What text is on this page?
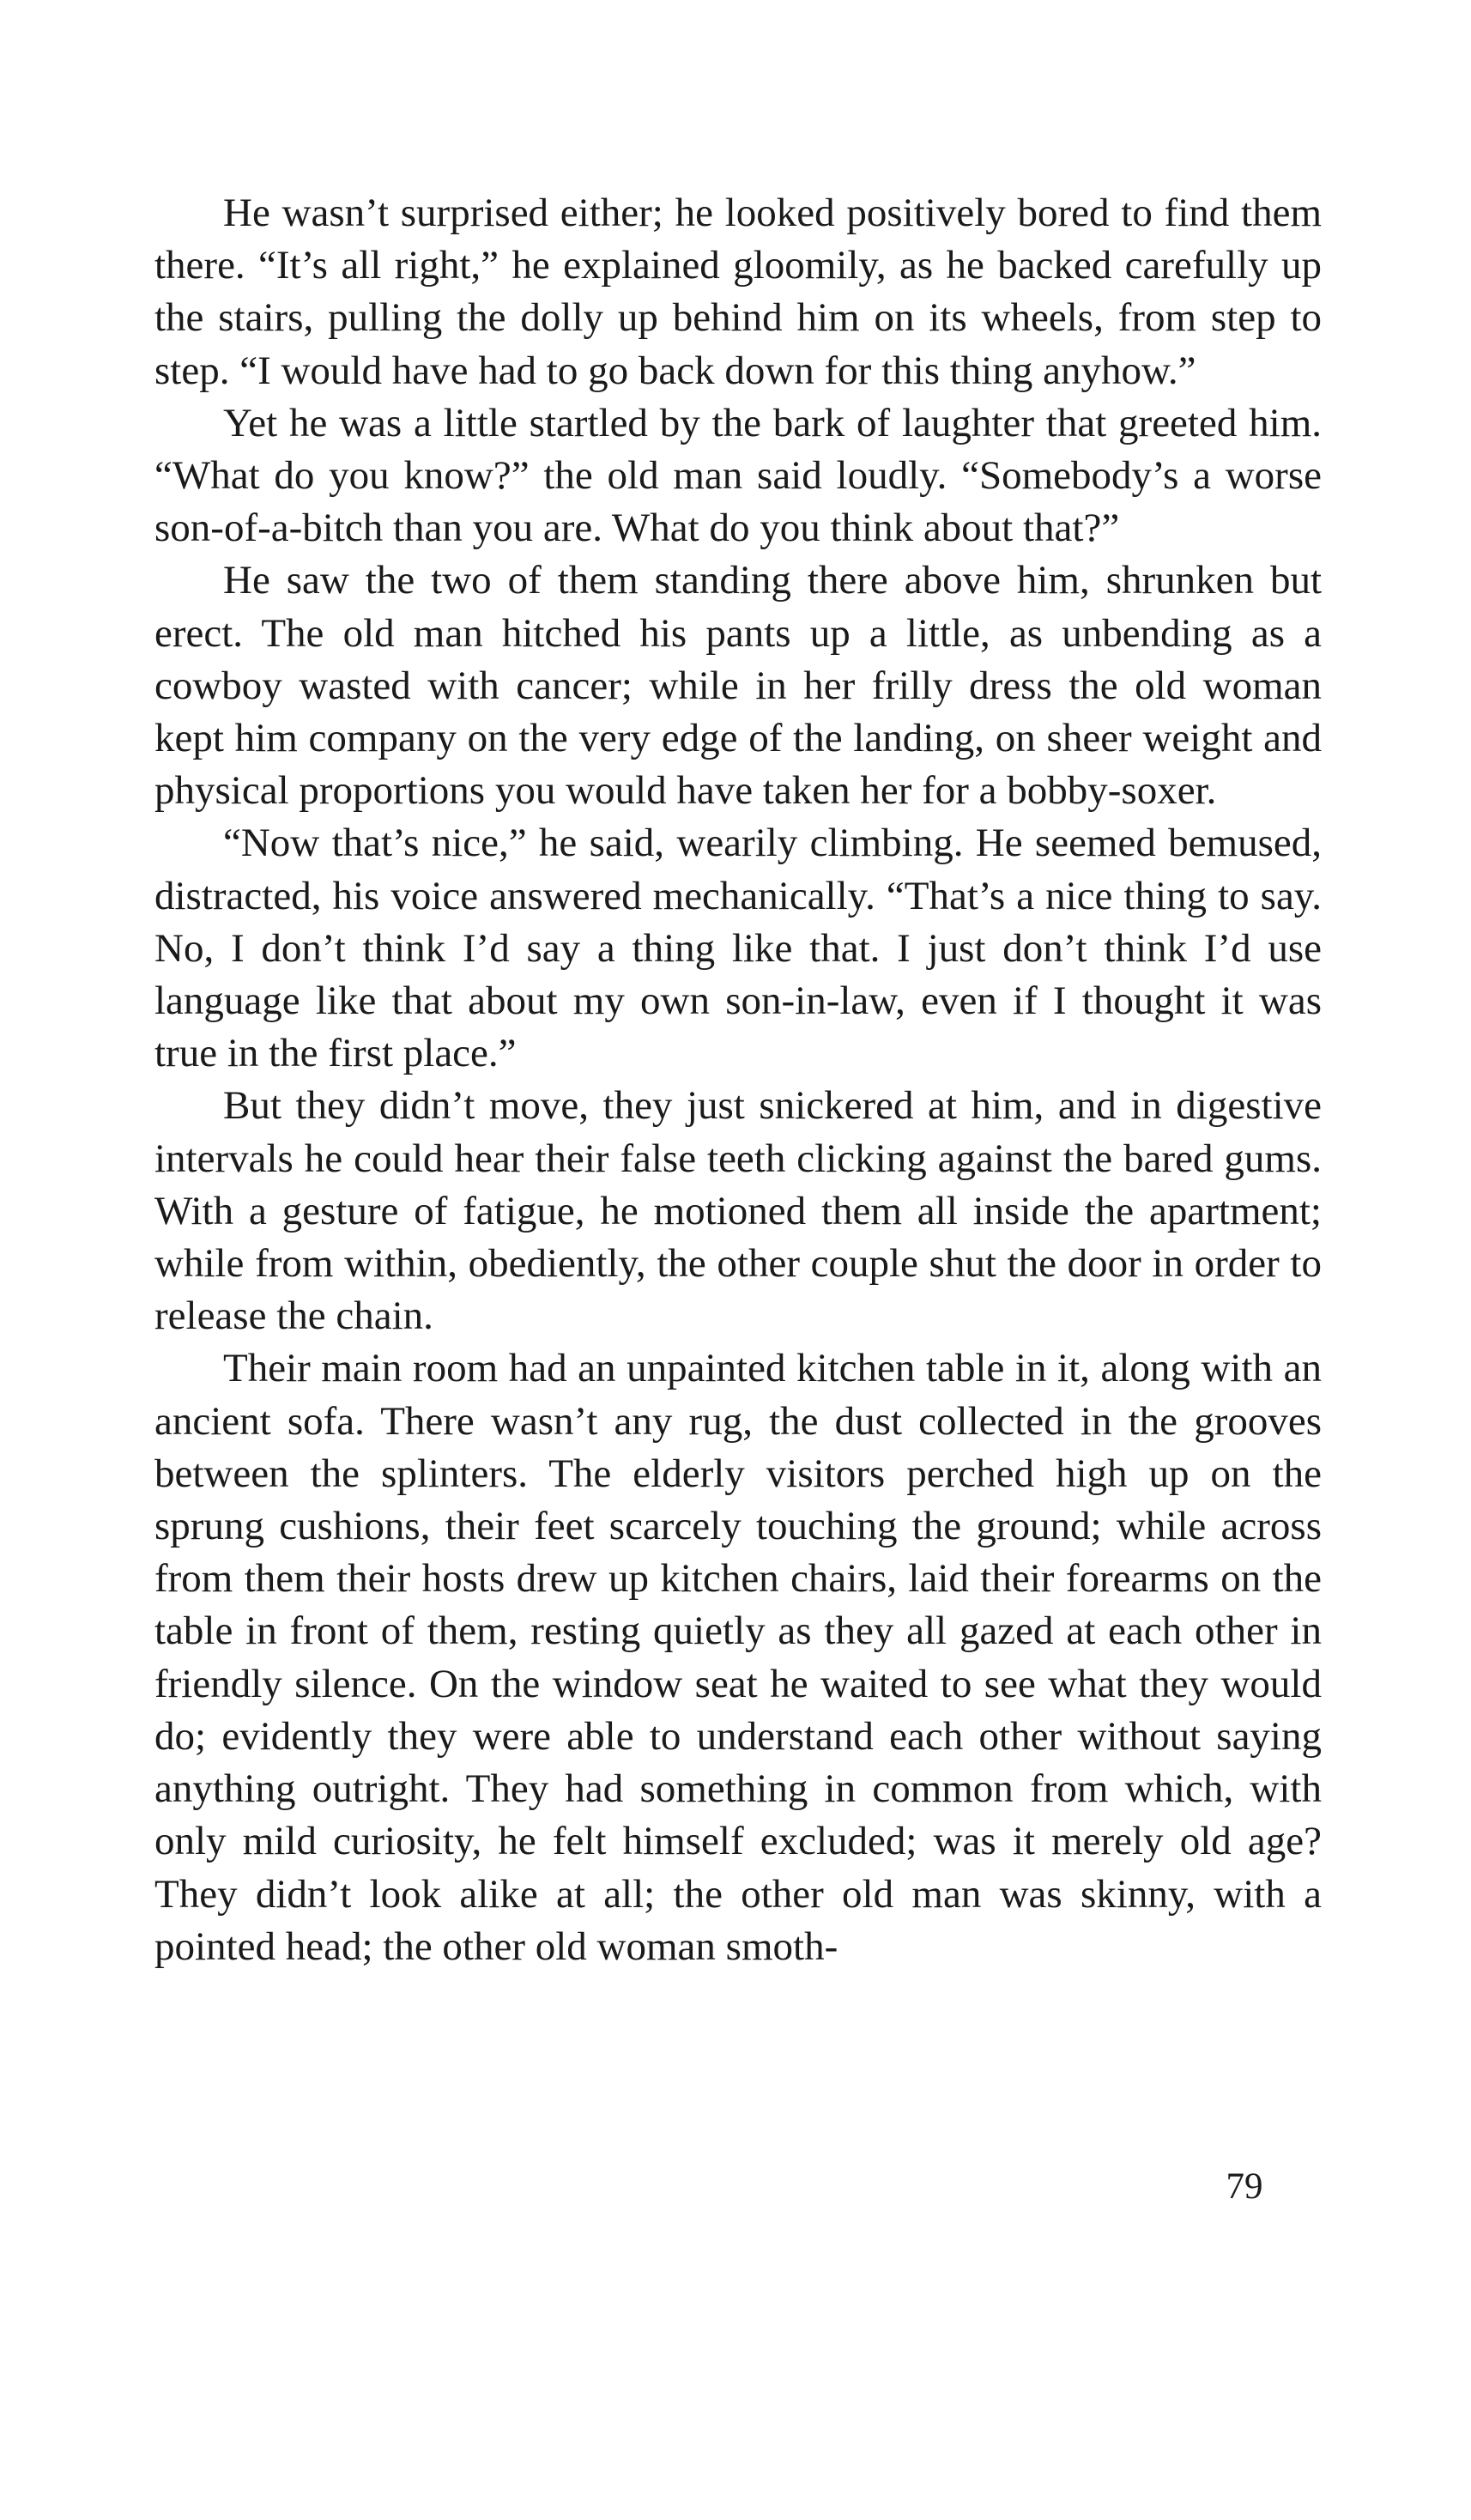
He wasn’t surprised either; he looked positively bored to find them there. “It’s all right,” he explained gloomily, as he backed carefully up the stairs, pulling the dolly up behind him on its wheels, from step to step. “I would have had to go back down for this thing anyhow.”

Yet he was a little startled by the bark of laughter that greeted him. “What do you know?” the old man said loudly. “Somebody’s a worse son-of-a-bitch than you are. What do you think about that?”

He saw the two of them standing there above him, shrunken but erect. The old man hitched his pants up a little, as unbending as a cowboy wasted with cancer; while in her frilly dress the old woman kept him company on the very edge of the landing, on sheer weight and physical proportions you would have taken her for a bobby-soxer.

“Now that’s nice,” he said, wearily climbing. He seemed bemused, distracted, his voice answered mechanically. “That’s a nice thing to say. No, I don’t think I’d say a thing like that. I just don’t think I’d use language like that about my own son-in-law, even if I thought it was true in the first place.”

But they didn’t move, they just snickered at him, and in digestive intervals he could hear their false teeth clicking against the bared gums. With a gesture of fatigue, he motioned them all inside the apartment; while from within, obediently, the other couple shut the door in order to release the chain.

Their main room had an unpainted kitchen table in it, along with an ancient sofa. There wasn’t any rug, the dust collected in the grooves between the splinters. The elderly visitors perched high up on the sprung cushions, their feet scarcely touching the ground; while across from them their hosts drew up kitchen chairs, laid their forearms on the table in front of them, resting quietly as they all gazed at each other in friendly silence. On the window seat he waited to see what they would do; evidently they were able to understand each other without saying anything outright. They had something in common from which, with only mild curiosity, he felt himself excluded; was it merely old age? They didn’t look alike at all; the other old man was skinny, with a pointed head; the other old woman smoth-

79
